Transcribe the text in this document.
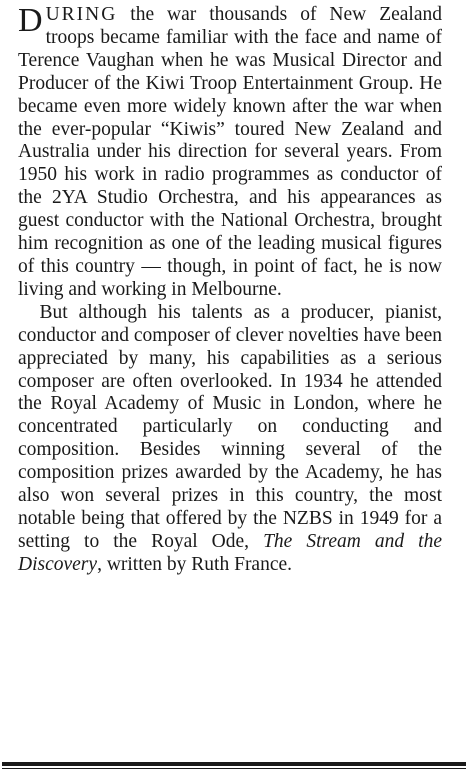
DURING the war thousands of New Zealand troops became familiar with the face and name of Terence Vaughan when he was Musical Director and Producer of the Kiwi Troop Entertainment Group. He became even more widely known after the war when the ever-popular “Kiwis” toured New Zealand and Australia under his direction for several years. From 1950 his work in radio programmes as conductor of the 2YA Studio Orchestra, and his appearances as guest conductor with the National Orchestra, brought him recognition as one of the leading musical figures of this country — though, in point of fact, he is now living and working in Melbourne.

But although his talents as a producer, pianist, conductor and composer of clever novelties have been appreciated by many, his capabilities as a serious composer are often overlooked. In 1934 he attended the Royal Academy of Music in London, where he concentrated particularly on conducting and composition. Besides winning several of the composition prizes awarded by the Academy, he has also won several prizes in this country, the most notable being that offered by the NZBS in 1949 for a setting to the Royal Ode, The Stream and the Discovery, written by Ruth France.
